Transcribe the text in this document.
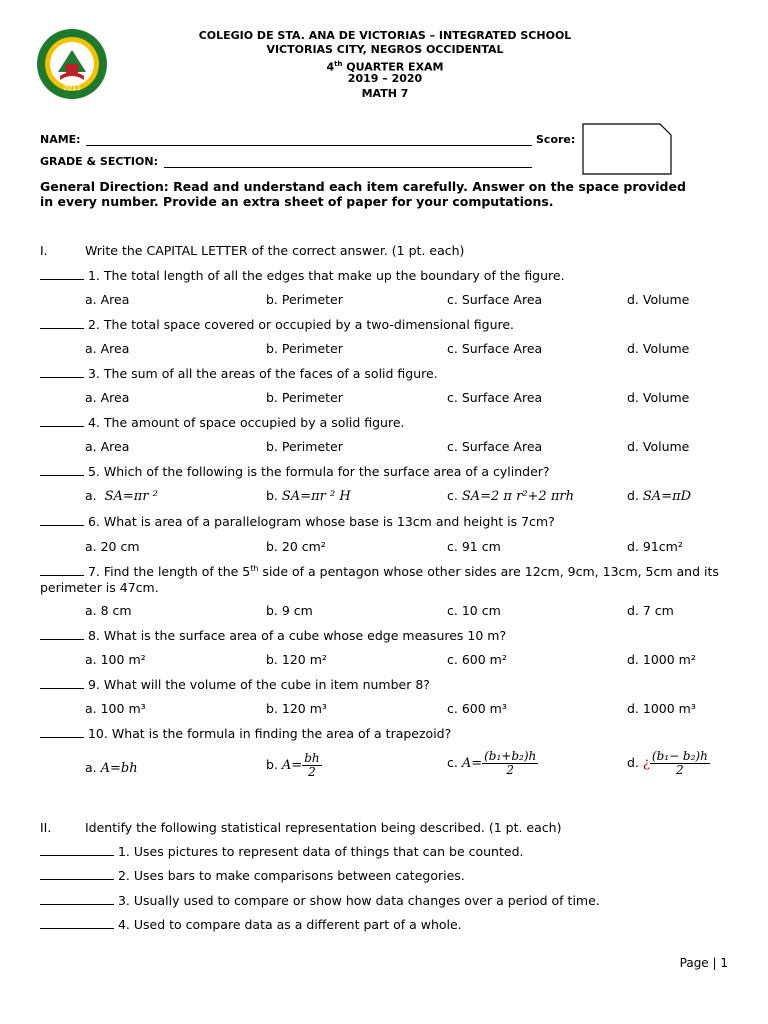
2011
COLEGIO DE STA. ANA DE VICTORIAS – INTEGRATED SCHOOL
VICTORIAS CITY, NEGROS OCCIDENTAL
4th QUARTER EXAM
2019 – 2020
MATH 7
NAME:	Score:
GRADE & SECTION:
General Direction: Read and understand each item carefully. Answer on the space provided in every number. Provide an extra sheet of paper for your computations.
I.	Write the CAPITAL LETTER of the correct answer. (1 pt. each)
1. The total length of all the edges that make up the boundary of the figure.
a. Area	b. Perimeter	c. Surface Area	d. Volume
2. The total space covered or occupied by a two-dimensional figure.
a. Area	b. Perimeter	c. Surface Area	d. Volume
3. The sum of all the areas of the faces of a solid figure.
a. Area	b. Perimeter	c. Surface Area	d. Volume
4. The amount of space occupied by a solid figure.
a. Area	b. Perimeter	c. Surface Area	d. Volume
5. Which of the following is the formula for the surface area of a cylinder?
a. SA=πr ²	b. SA=πr ² H	c. SA=2 π r²+2 πrh	d. SA=πD
6. What is area of a parallelogram whose base is 13cm and height is 7cm?
a. 20 cm	b. 20 cm²	c. 91 cm	d. 91cm²
7. Find the length of the 5th side of a pentagon whose other sides are 12cm, 9cm, 13cm, 5cm and its
perimeter is 47cm.
a. 8 cm	b. 9 cm	c. 10 cm	d. 7 cm
8. What is the surface area of a cube whose edge measures 10 m?
a. 100 m²	b. 120 m²	c. 600 m²	d. 1000 m²
9. What will the volume of the cube in item number 8?
a. 100 m³	b. 120 m³	c. 600 m³	d. 1000 m³
10. What is the formula in finding the area of a trapezoid?
a. A=bh	b. $A= \frac{bh}{2}$	c. $A= \frac{\text{(b₁+b₂)h}}{2}$	d. ¿ $\frac{\text{(b₁− b₂)h}}{2}$
II.	Identify the following statistical representation being described. (1 pt. each)
1. Uses pictures to represent data of things that can be counted.
2. Uses bars to make comparisons between categories.
3. Usually used to compare or show how data changes over a period of time.
4. Used to compare data as a different part of a whole.
Page | 1
